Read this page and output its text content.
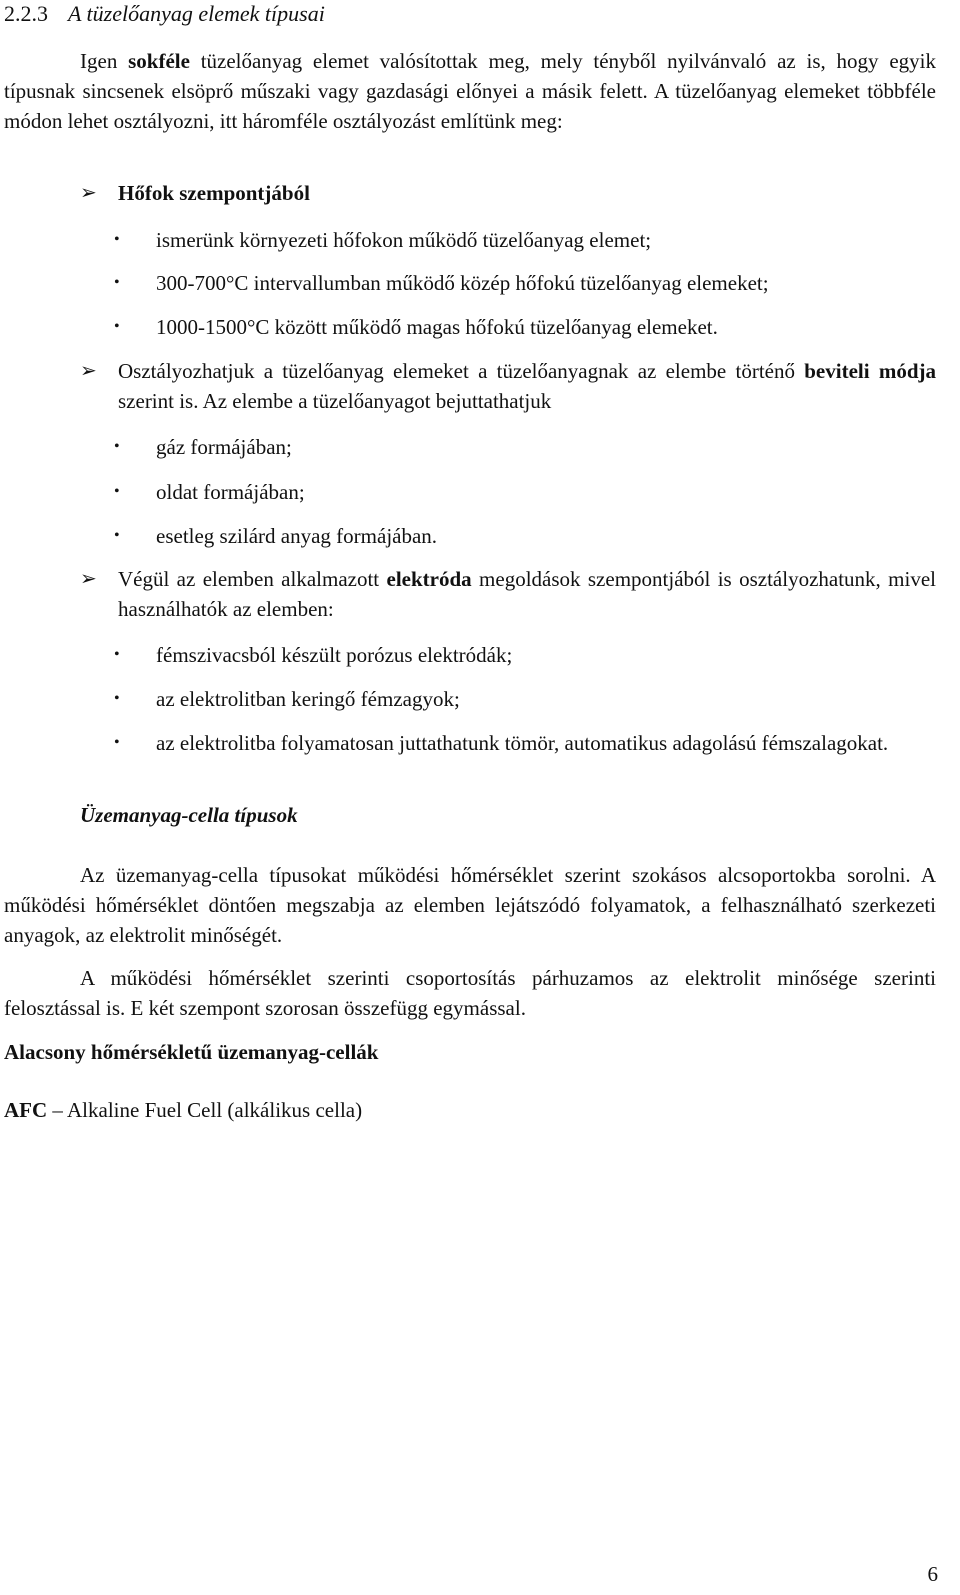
2.2.3 A tüzelőanyag elemek típusai
Igen sokféle tüzelőanyag elemet valósítottak meg, mely tényből nyilvánvaló az is, hogy egyik típusnak sincsenek elsöprő műszaki vagy gazdasági előnyei a másik felett. A tüzelőanyag elemeket többféle módon lehet osztályozni, itt háromféle osztályozást említünk meg:
➢	Hőfok szempontjából
• ismerünk környezeti hőfokon működő tüzelőanyag elemet;
• 300-700°C intervallumban működő közép hőfokú tüzelőanyag elemeket;
• 1000-1500°C között működő magas hőfokú tüzelőanyag elemeket.
➢	Osztályozhatjuk a tüzelőanyag elemeket a tüzelőanyagnak az elembe történő beviteli módja szerint is. Az elembe a tüzelőanyagot bejuttathatjuk
• gáz formájában;
• oldat formájában;
• esetleg szilárd anyag formájában.
➢	Végül az elemben alkalmazott elektróda megoldások szempontjából is osztályozhatunk, mivel használhatók az elemben:
• fémszivacsból készült porózus elektródák;
• az elektrolitban keringő fémzagyok;
• az elektrolitba folyamatosan juttathatunk tömör, automatikus adagolású fémszalagokat.
Üzemanyag-cella típusok
Az üzemanyag-cella típusokat működési hőmérséklet szerint szokásos alcsoportokba sorolni. A működési hőmérséklet döntően megszabja az elemben lejátszódó folyamatok, a felhasználható szerkezeti anyagok, az elektrolit minőségét.
A működési hőmérséklet szerinti csoportosítás párhuzamos az elektrolit minősége szerinti felosztással is. E két szempont szorosan összefügg egymással.
Alacsony hőmérsékletű üzemanyag-cellák
AFC – Alkaline Fuel Cell (alkálikus cella)
6
